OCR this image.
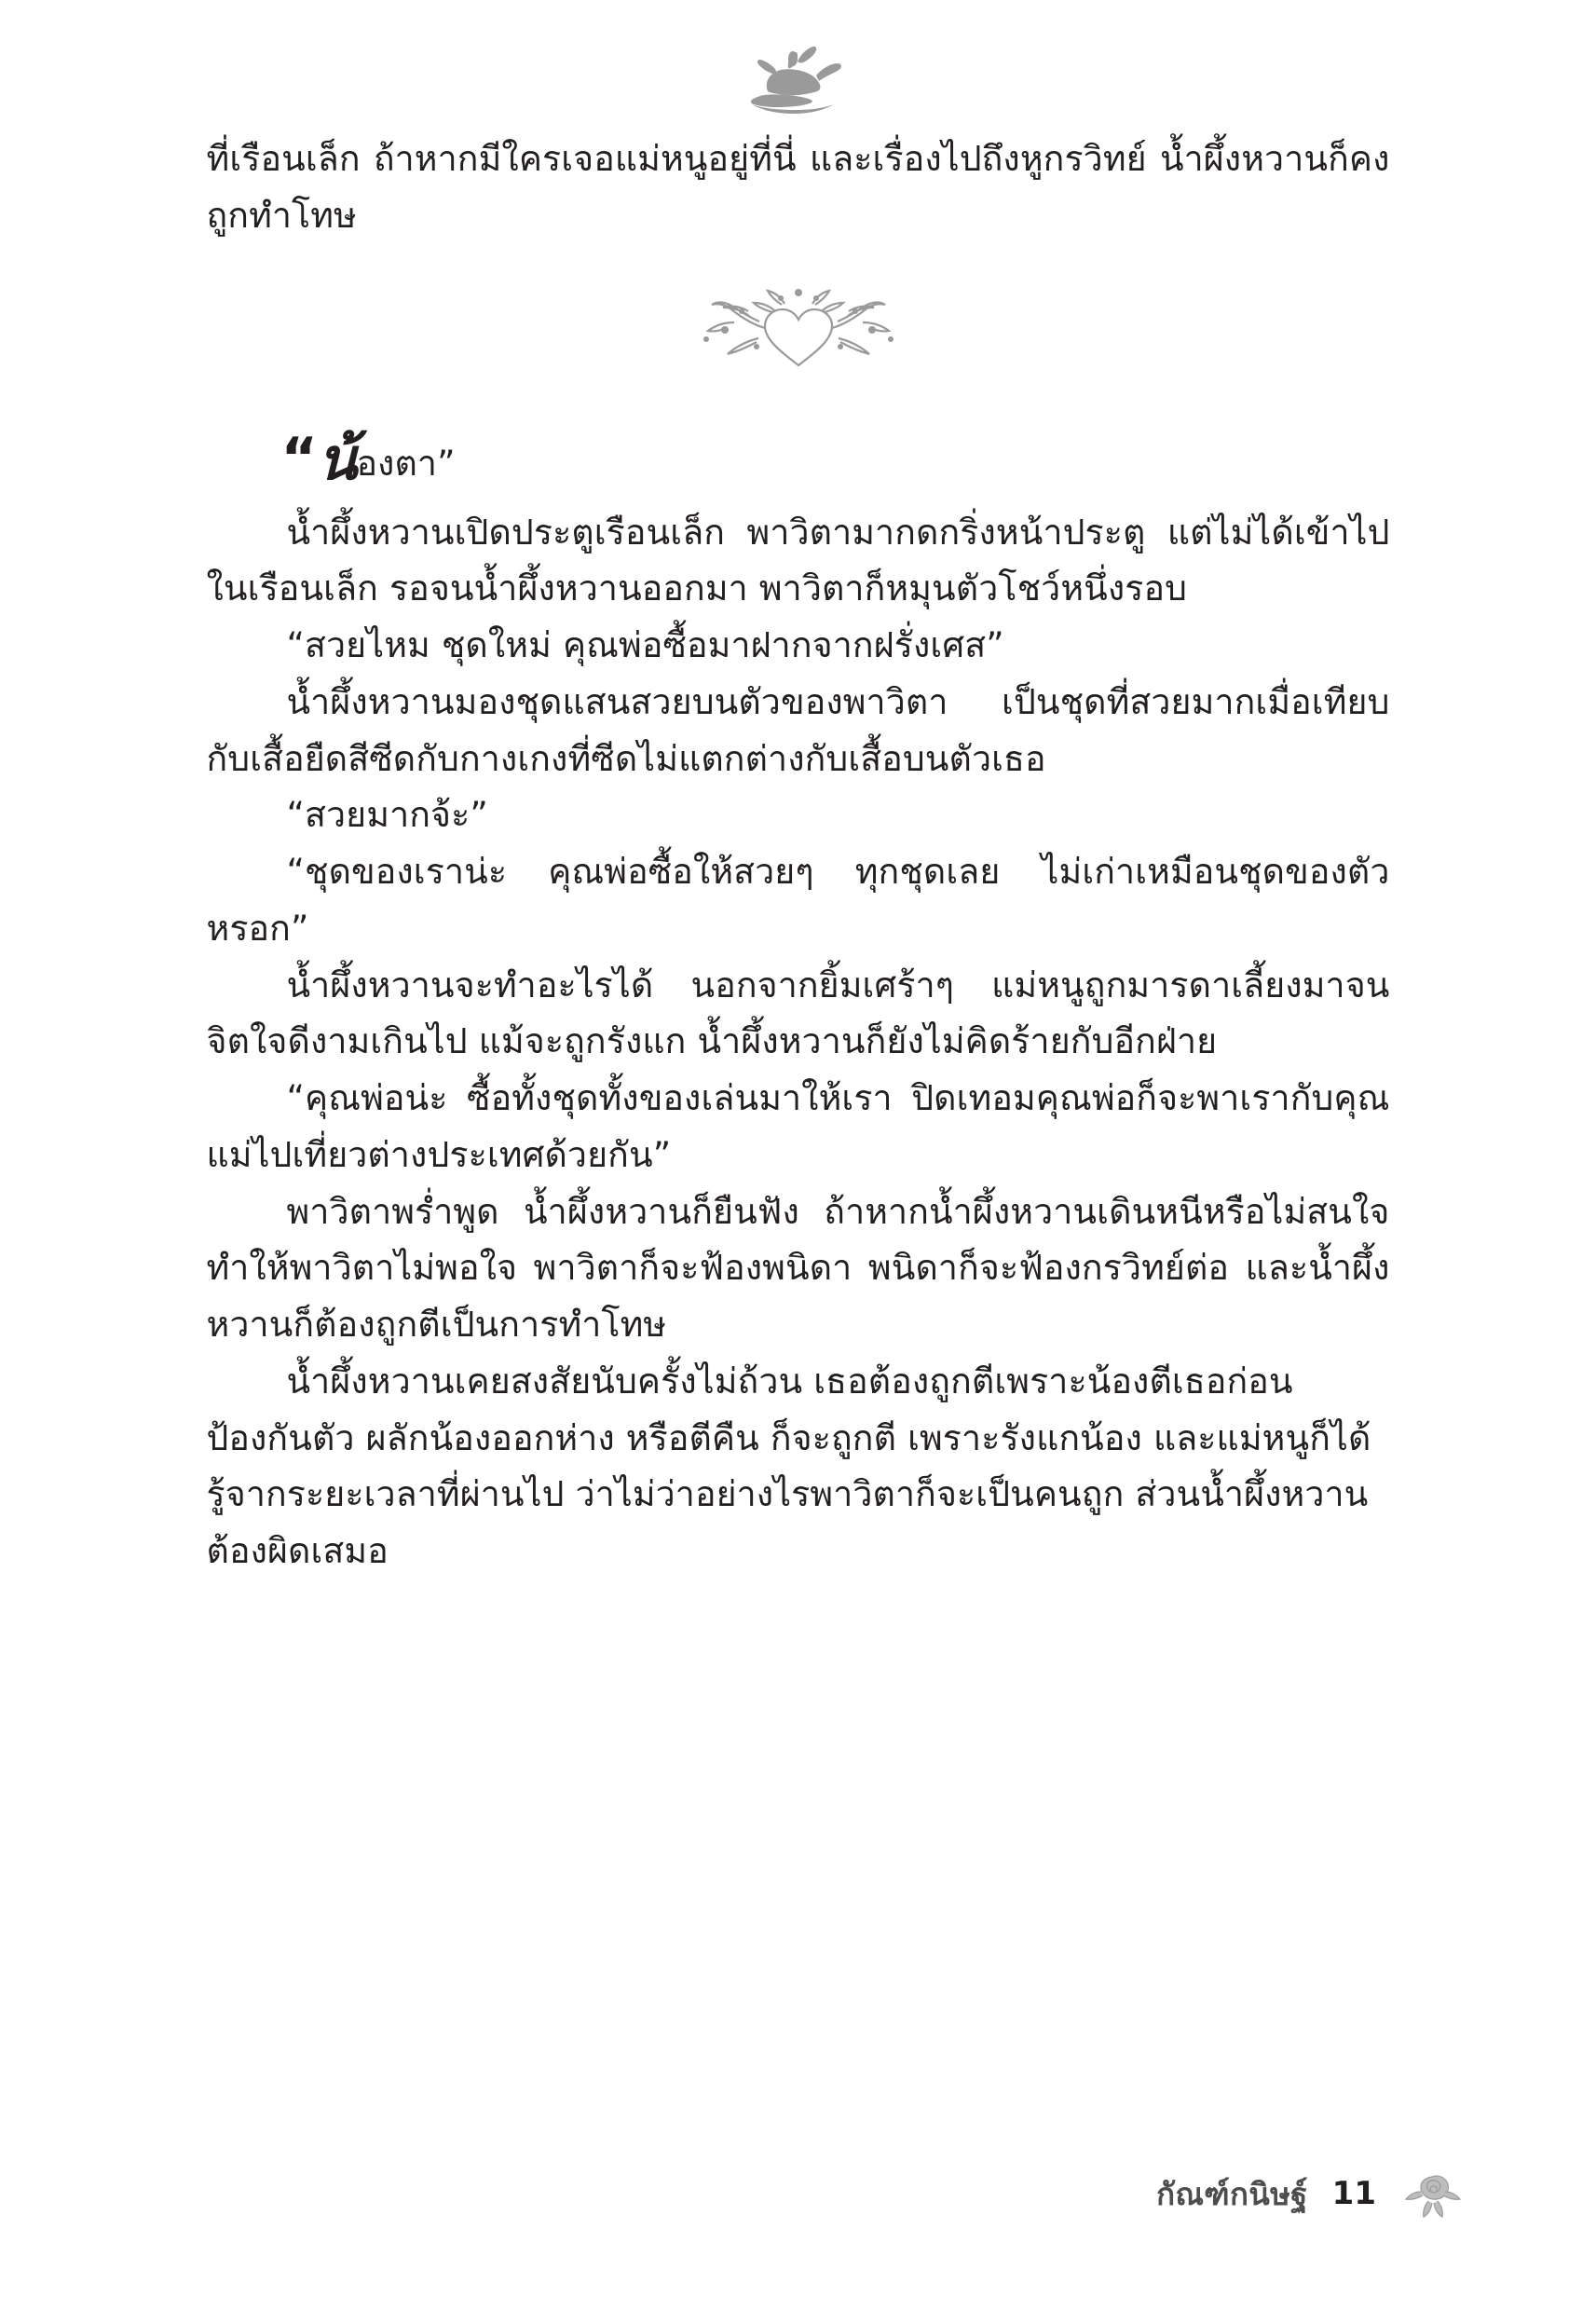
ที่เรือนเล็ก ถ้าหากมีใครเจอแม่หนูอยู่ที่นี่ และเรื่องไปถึงหูกรวิทย์ น้ำผึ้งหวานก็คงถูกทำโทษ

“น้องตา”

น้ำผึ้งหวานเปิดประตูเรือนเล็ก พาวิตามากดกริ่งหน้าประตู แต่ไม่ได้เข้าไปในเรือนเล็ก รอจนน้ำผึ้งหวานออกมา พาวิตาก็หมุนตัวโชว์หนึ่งรอบ

“สวยไหม ชุดใหม่ คุณพ่อซื้อมาฝากจากฝรั่งเศส”

น้ำผึ้งหวานมองชุดแสนสวยบนตัวของพาวิตา เป็นชุดที่สวยมากเมื่อเทียบกับเสื้อยืดสีซีดกับกางเกงที่ซีดไม่แตกต่างกับเสื้อบนตัวเธอ

“สวยมากจ้ะ”

“ชุดของเราน่ะ คุณพ่อซื้อให้สวยๆ ทุกชุดเลย ไม่เก่าเหมือนชุดของตัวหรอก”

น้ำผึ้งหวานจะทำอะไรได้ นอกจากยิ้มเศร้าๆ แม่หนูถูกมารดาเลี้ยงมาจนจิตใจดีงามเกินไป แม้จะถูกรังแก น้ำผึ้งหวานก็ยังไม่คิดร้ายกับอีกฝ่าย

“คุณพ่อน่ะ ซื้อทั้งชุดทั้งของเล่นมาให้เรา ปิดเทอมคุณพ่อก็จะพาเรากับคุณแม่ไปเที่ยวต่างประเทศด้วยกัน”

พาวิตาพร่ำพูด น้ำผึ้งหวานก็ยืนฟัง ถ้าหากน้ำผึ้งหวานเดินหนีหรือไม่สนใจ ทำให้พาวิตาไม่พอใจ พาวิตาก็จะฟ้องพนิดา พนิดาก็จะฟ้องกรวิทย์ต่อ และน้ำผึ้งหวานก็ต้องถูกตีเป็นการทำโทษ

น้ำผึ้งหวานเคยสงสัยนับครั้งไม่ถ้วน เธอต้องถูกตีเพราะน้องตีเธอก่อน ป้องกันตัว ผลักน้องออกห่าง หรือตีคืน ก็จะถูกตี เพราะรังแกน้อง และแม่หนูก็ได้รู้จากระยะเวลาที่ผ่านไป ว่าไม่ว่าอย่างไรพาวิตาก็จะเป็นคนถูก ส่วนน้ำผึ้งหวานต้องผิดเสมอ

กัณฑ์กนิษฐ์ 11
